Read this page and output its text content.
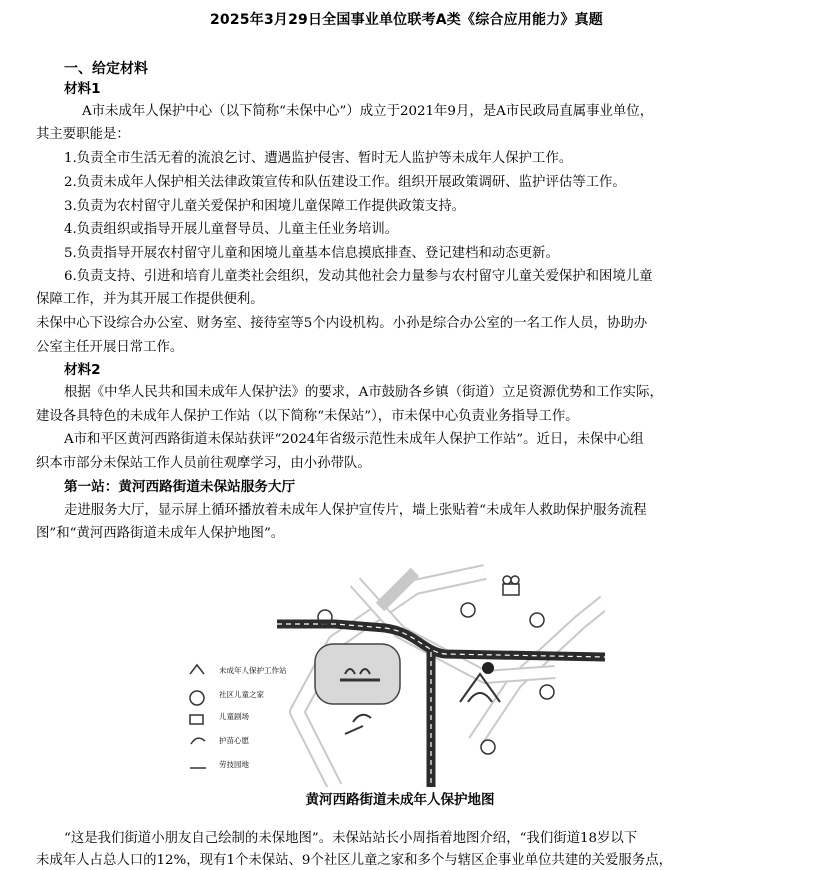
2025年3月29日全国事业单位联考A类《综合应用能力》真题
一、给定材料
材料1
A市未成年人保护中心（以下简称“未保中心”）成立于2021年9月，是A市民政局直属事业单位，
其主要职能是：
1.负责全市生活无着的流浪乞讨、遭遇监护侵害、暂时无人监护等未成年人保护工作。
2.负责未成年人保护相关法律政策宣传和队伍建设工作。组织开展政策调研、监护评估等工作。
3.负责为农村留守儿童关爱保护和困境儿童保障工作提供政策支持。
4.负责组织或指导开展儿童督导员、儿童主任业务培训。
5.负责指导开展农村留守儿童和困境儿童基本信息摸底排查、登记建档和动态更新。
6.负责支持、引进和培育儿童类社会组织，发动其他社会力量参与农村留守儿童关爱保护和困境儿童
保障工作，并为其开展工作提供便利。
未保中心下设综合办公室、财务室、接待室等5个内设机构。小孙是综合办公室的一名工作人员，协助办
公室主任开展日常工作。
材料2
根据《中华人民共和国未成年人保护法》的要求，A市鼓励各乡镇（街道）立足资源优势和工作实际，
建设各具特色的未成年人保护工作站（以下简称“未保站”），市未保中心负责业务指导工作。
A市和平区黄河西路街道未保站获评“2024年省级示范性未成年人保护工作站”。近日，未保中心组
织本市部分未保站工作人员前往观摩学习，由小孙带队。
第一站：黄河西路街道未保站服务大厅
走进服务大厅，显示屏上循环播放着未成年人保护宣传片，墙上张贴着“未成年人救助保护服务流程
图”和“黄河西路街道未成年人保护地图”。
未成年人保护工作站
社区儿童之家
儿童剧场
护苗心愿
劳技园地
黄河西路街道未成年人保护地图
“这是我们街道小朋友自己绘制的未保地图”。未保站站长小周指着地图介绍，“我们街道18岁以下
未成年人占总人口的12%，现有1个未保站、9个社区儿童之家和多个与辖区企事业单位共建的关爱服务点，
